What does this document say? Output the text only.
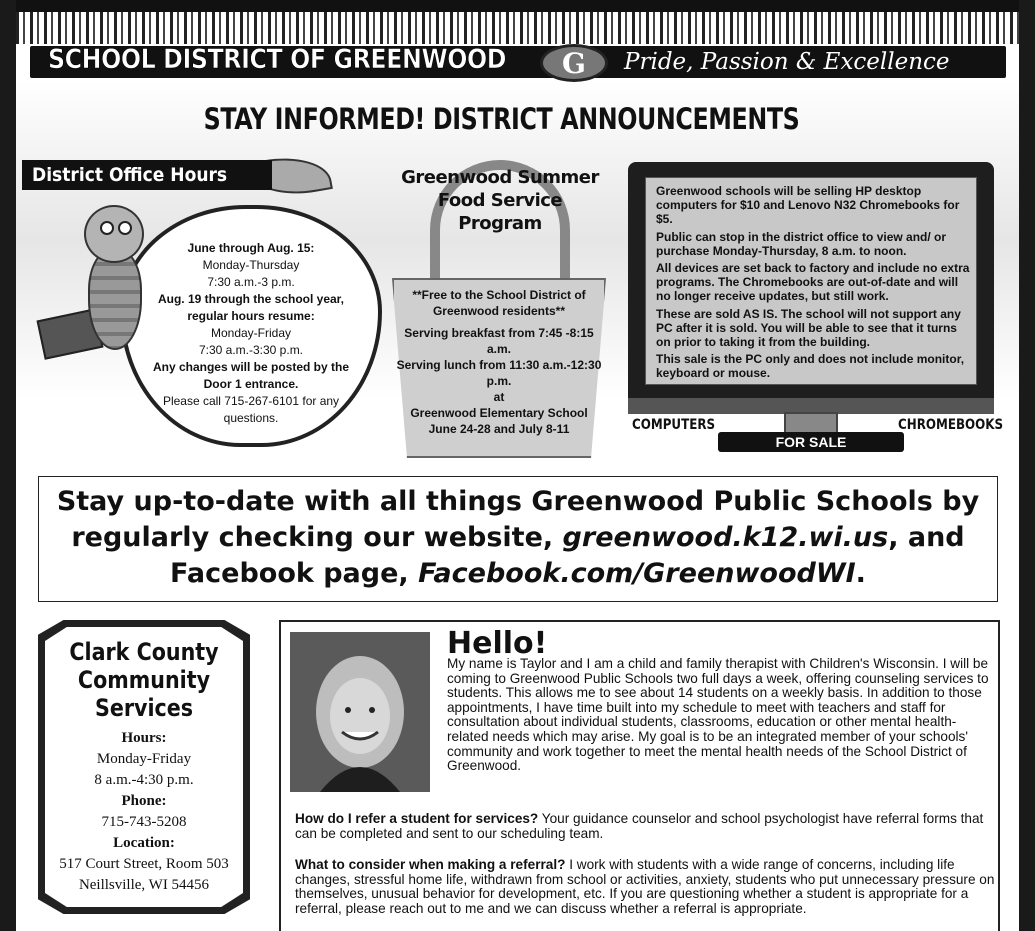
SCHOOL DISTRICT OF GREENWOOD G	Pride, Passion & Excellence
STAY INFORMED! DISTRICT ANNOUNCEMENTS
District Office Hours
June through Aug. 15:
Monday-Thursday
7:30 a.m.-3 p.m.
Aug. 19 through the school year, regular hours resume:
Monday-Friday
7:30 a.m.-3:30 p.m.
Any changes will be posted by the Door 1 entrance.
Please call 715-267-6101 for any questions.
Greenwood Summer Food Service Program
**Free to the School District of Greenwood residents**
Serving breakfast from 7:45 -8:15 a.m.
Serving lunch from 11:30 a.m.-12:30 p.m.
at
Greenwood Elementary School
June 24-28 and July 8-11

Greenwood schools will be selling HP desktop computers for $10 and Lenovo N32 Chromebooks for $5.

Public can stop in the district office to view and/ or purchase Monday-Thursday, 8 a.m. to noon.

All devices are set back to factory and include no extra programs. The Chromebooks are out-of-date and will no longer receive updates, but still work.

These are sold AS IS. The school will not support any PC after it is sold. You will be able to see that it turns on prior to taking it from the building.

This sale is the PC only and does not include monitor, keyboard or mouse.

FOR SALE
COMPUTERS	CHROMEBOOKS
Stay up-to-date with all things Greenwood Public Schools by regularly checking our website, greenwood.k12.wi.us, and Facebook page, Facebook.com/GreenwoodWI.
Clark County Community Services
Hours:
Monday-Friday
8 a.m.-4:30 p.m.
Phone:
715-743-5208
Location:
517 Court Street, Room 503
Neillsville, WI 54456
Hello!
My name is Taylor and I am a child and family therapist with Children's Wisconsin. I will be coming to Greenwood Public Schools two full days a week, offering counseling services to students. This allows me to see about 14 students on a weekly basis. In addition to those appointments, I have time built into my schedule to meet with teachers and staff for consultation about individual students, classrooms, education or other mental health-related needs which may arise. My goal is to be an integrated member of your schools' community and work together to meet the mental health needs of the School District of Greenwood.
How do I refer a student for services? Your guidance counselor and school psychologist have referral forms that can be completed and sent to our scheduling team.
What to consider when making a referral? I work with students with a wide range of concerns, including life changes, stressful home life, withdrawn from school or activities, anxiety, students who put unnecessary pressure on themselves, unusual behavior for development, etc. If you are questioning whether a student is appropriate for a referral, please reach out to me and we can discuss whether a referral is appropriate.
